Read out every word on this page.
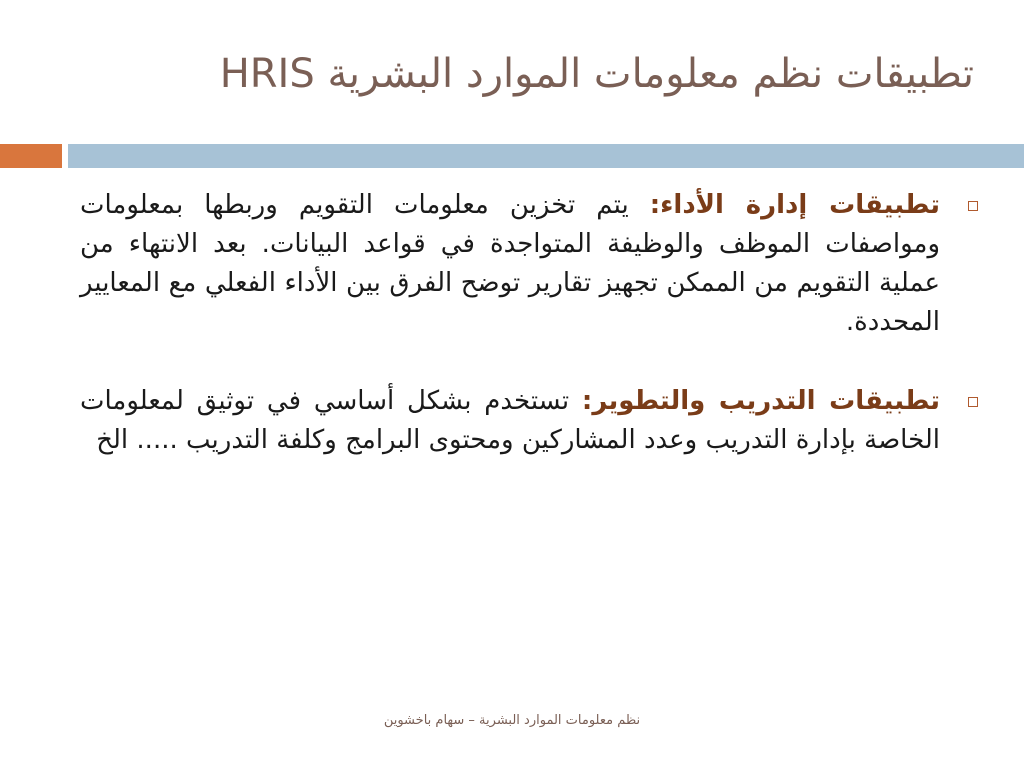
تطبيقات نظم معلومات الموارد البشرية HRIS

تطبيقات إدارة الأداء: يتم تخزين معلومات التقويم وربطها بمعلومات ومواصفات الموظف والوظيفة المتواجدة في قواعد البيانات. بعد الانتهاء من عملية التقويم من الممكن تجهيز تقارير توضح الفرق بين الأداء الفعلي مع المعايير المحددة.

تطبيقات التدريب والتطوير: تستخدم بشكل أساسي في توثيق لمعلومات الخاصة بإدارة التدريب وعدد المشاركين ومحتوى البرامج وكلفة التدريب ..... الخ

نظم معلومات الموارد البشرية – سهام باخشوين
